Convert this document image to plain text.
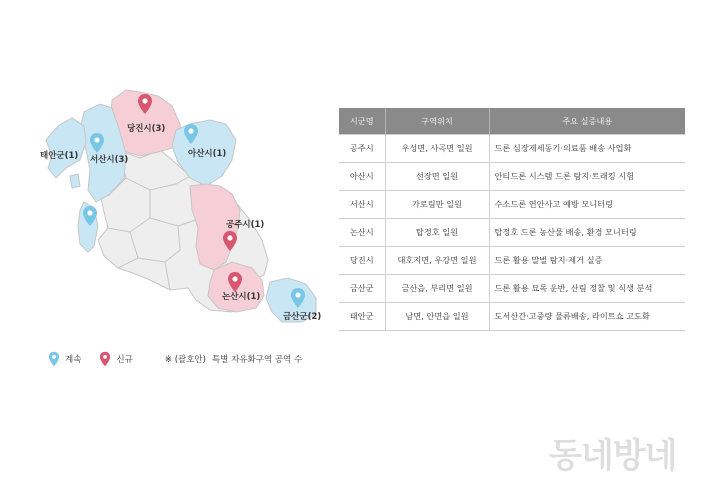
당진시(3)
아산시(1)
태안군(1) 서산시(3)
공주시(1)
논산시(1)
금산군(2)
계속	신규	※ (괄호안) 특별 자유화구역 공역 수
시군명	구역위치	주요 실증내용
공주시	우성면, 사곡면 일원	드론 심장제세동기·의료품 배송 사업화
아산시	선장면 일원	안티드론 시스템 드론 탐지·트래킹 시험
서산시	가로림만 일원	수소드론 연안사고 예방 모니터링
논산시	탑정호 일원	탑정호 드론 농산물 배송, 환경 모니터링
당진시	대호지면, 우강면 일원	드론 활용 말벌 탐지·제거 실증
금산군	금산읍, 부리면 일원	드론 활용 묘목 운반, 산림 정찰 및 식생 분석
태안군	남면, 안면읍 일원	도서산간·고중량 물류배송, 라이트쇼 고도화
동네방네
